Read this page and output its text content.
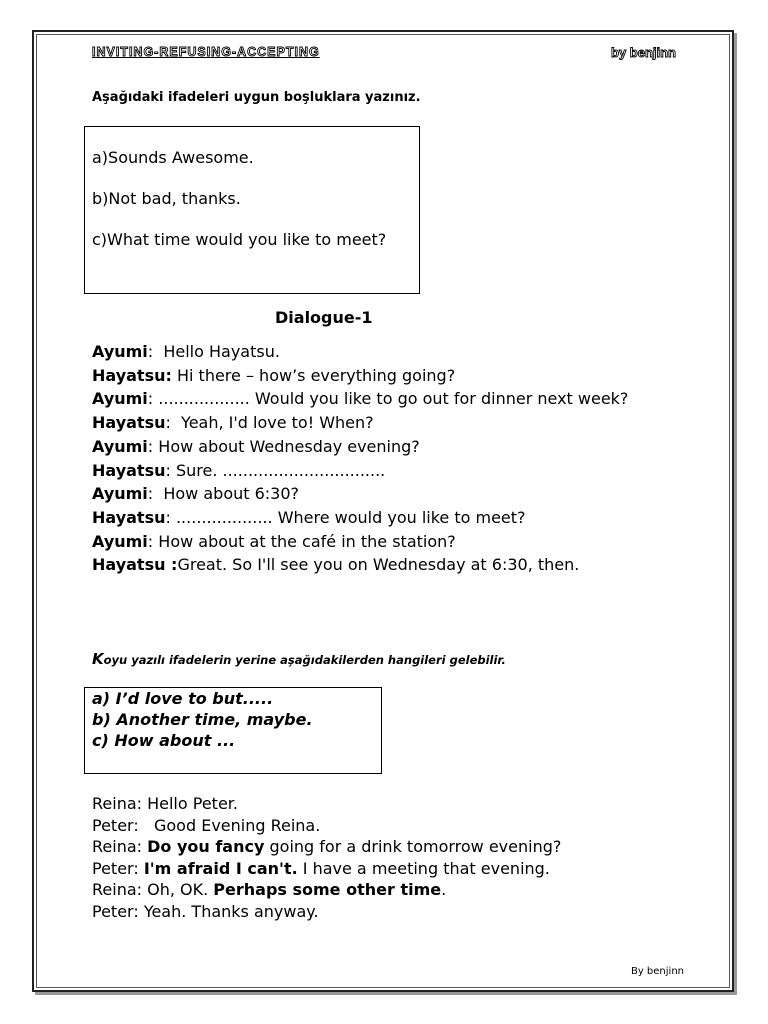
INVITING-REFUSING-ACCEPTING	by benjinn
Aşağıdaki ifadeleri uygun boşluklara yazınız.
a)Sounds Awesome.
b)Not bad, thanks.
c)What time would you like to meet?
Dialogue-1
Ayumi:  Hello Hayatsu.
Hayatsu: Hi there – how’s everything going?
Ayumi: .................. Would you like to go out for dinner next week?
Hayatsu:  Yeah, I'd love to! When?
Ayumi: How about Wednesday evening?
Hayatsu: Sure. ................................
Ayumi:  How about 6:30?
Hayatsu: ................... Where would you like to meet?
Ayumi: How about at the café in the station?
Hayatsu :Great. So I'll see you on Wednesday at 6:30, then.
Koyu yazılı ifadelerin yerine aşağıdakilerden hangileri gelebilir.
a) I’d love to but.....
b) Another time, maybe.
c) How about ...
Reina: Hello Peter.
Peter:   Good Evening Reina.
Reina: Do you fancy going for a drink tomorrow evening?
Peter: I'm afraid I can't. I have a meeting that evening.
Reina: Oh, OK. Perhaps some other time.
Peter: Yeah. Thanks anyway.
By benjinn
